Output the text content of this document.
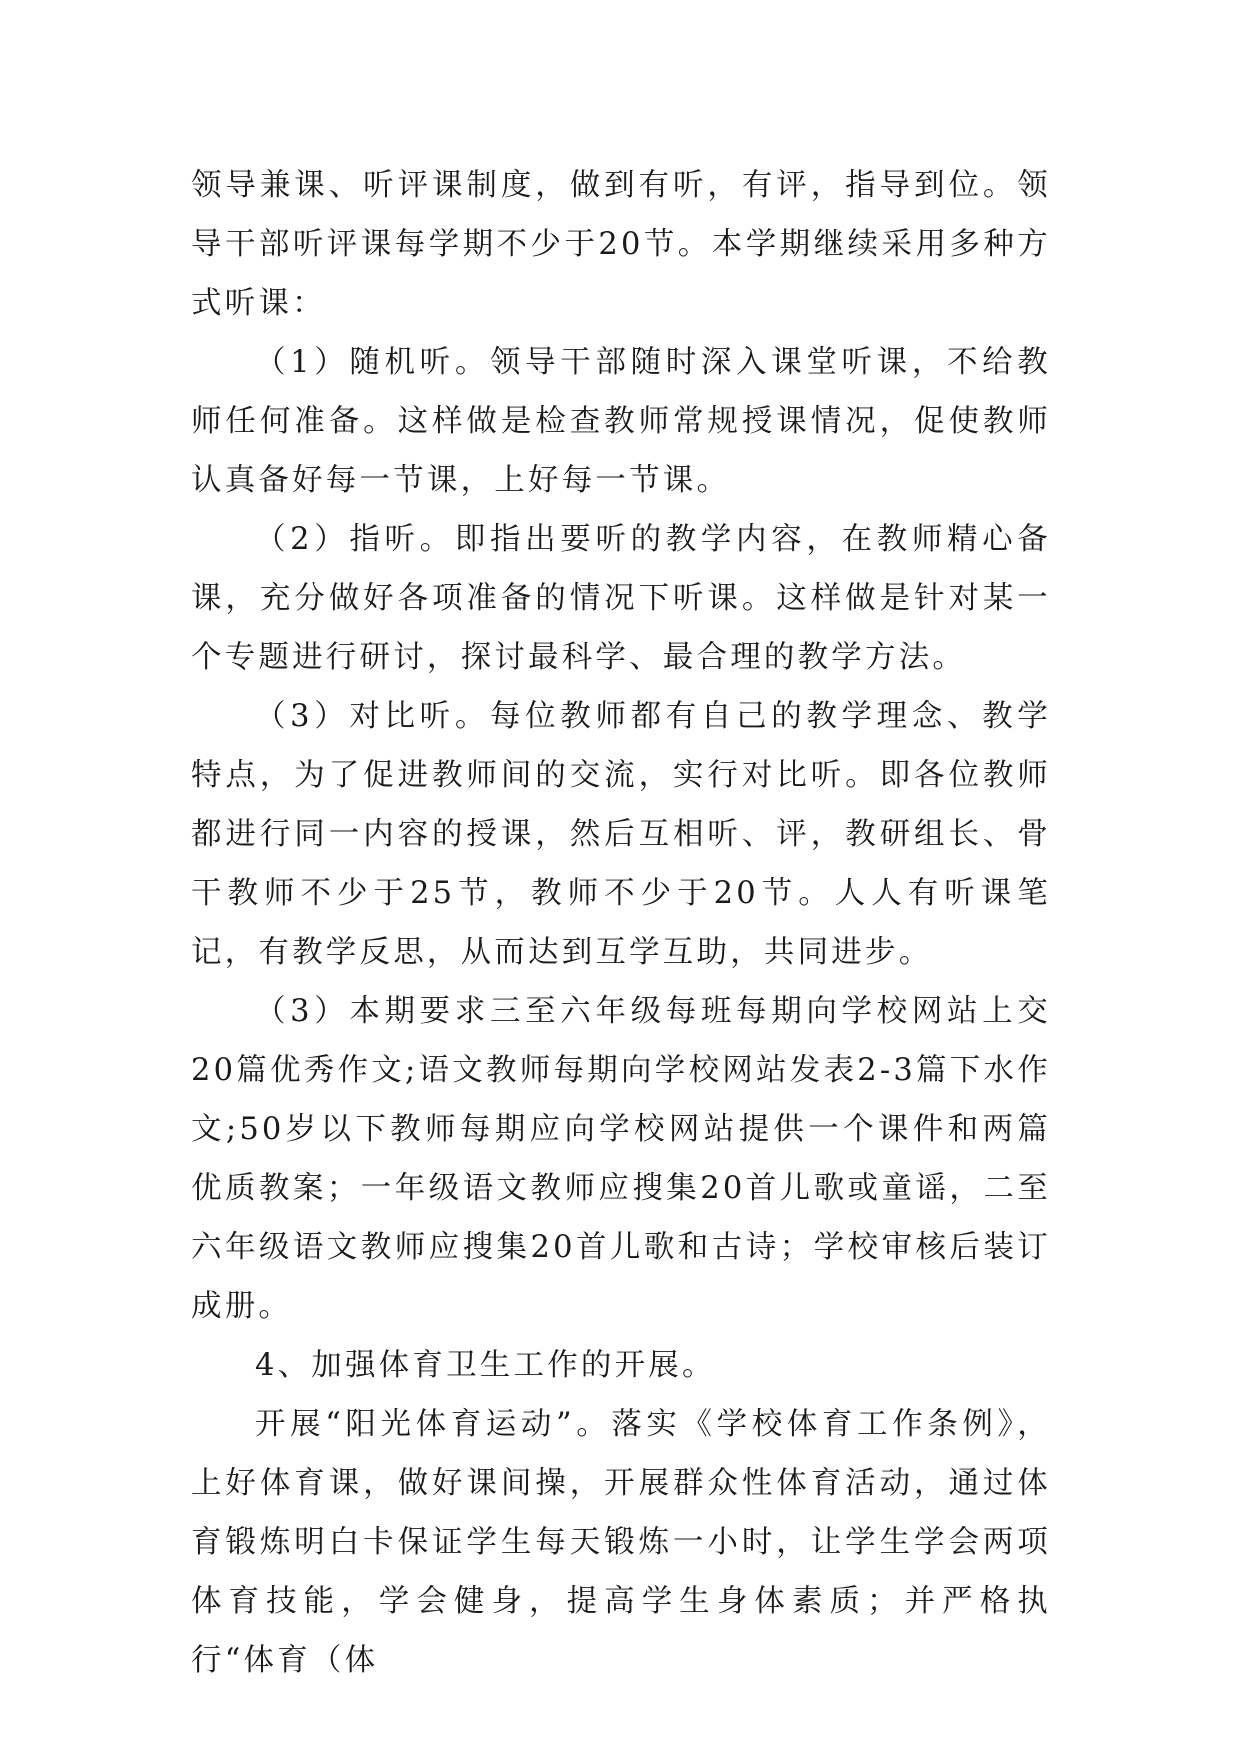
领导兼课、听评课制度，做到有听，有评，指导到位。领导干部听评课每学期不少于20节。本学期继续采用多种方式听课：

（1）随机听。领导干部随时深入课堂听课，不给教师任何准备。这样做是检查教师常规授课情况，促使教师认真备好每一节课，上好每一节课。

（2）指听。即指出要听的教学内容，在教师精心备课，充分做好各项准备的情况下听课。这样做是针对某一个专题进行研讨，探讨最科学、最合理的教学方法。

（3）对比听。每位教师都有自己的教学理念、教学特点，为了促进教师间的交流，实行对比听。即各位教师都进行同一内容的授课，然后互相听、评，教研组长、骨干教师不少于25节，教师不少于20节。人人有听课笔记，有教学反思，从而达到互学互助，共同进步。

（3）本期要求三至六年级每班每期向学校网站上交20篇优秀作文;语文教师每期向学校网站发表2-3篇下水作文;50岁以下教师每期应向学校网站提供一个课件和两篇优质教案；一年级语文教师应搜集20首儿歌或童谣，二至六年级语文教师应搜集20首儿歌和古诗；学校审核后装订成册。

4、加强体育卫生工作的开展。

开展“阳光体育运动”。落实《学校体育工作条例》，上好体育课，做好课间操，开展群众性体育活动，通过体育锻炼明白卡保证学生每天锻炼一小时，让学生学会两项体育技能，学会健身，提高学生身体素质；并严格执行“体育（体
